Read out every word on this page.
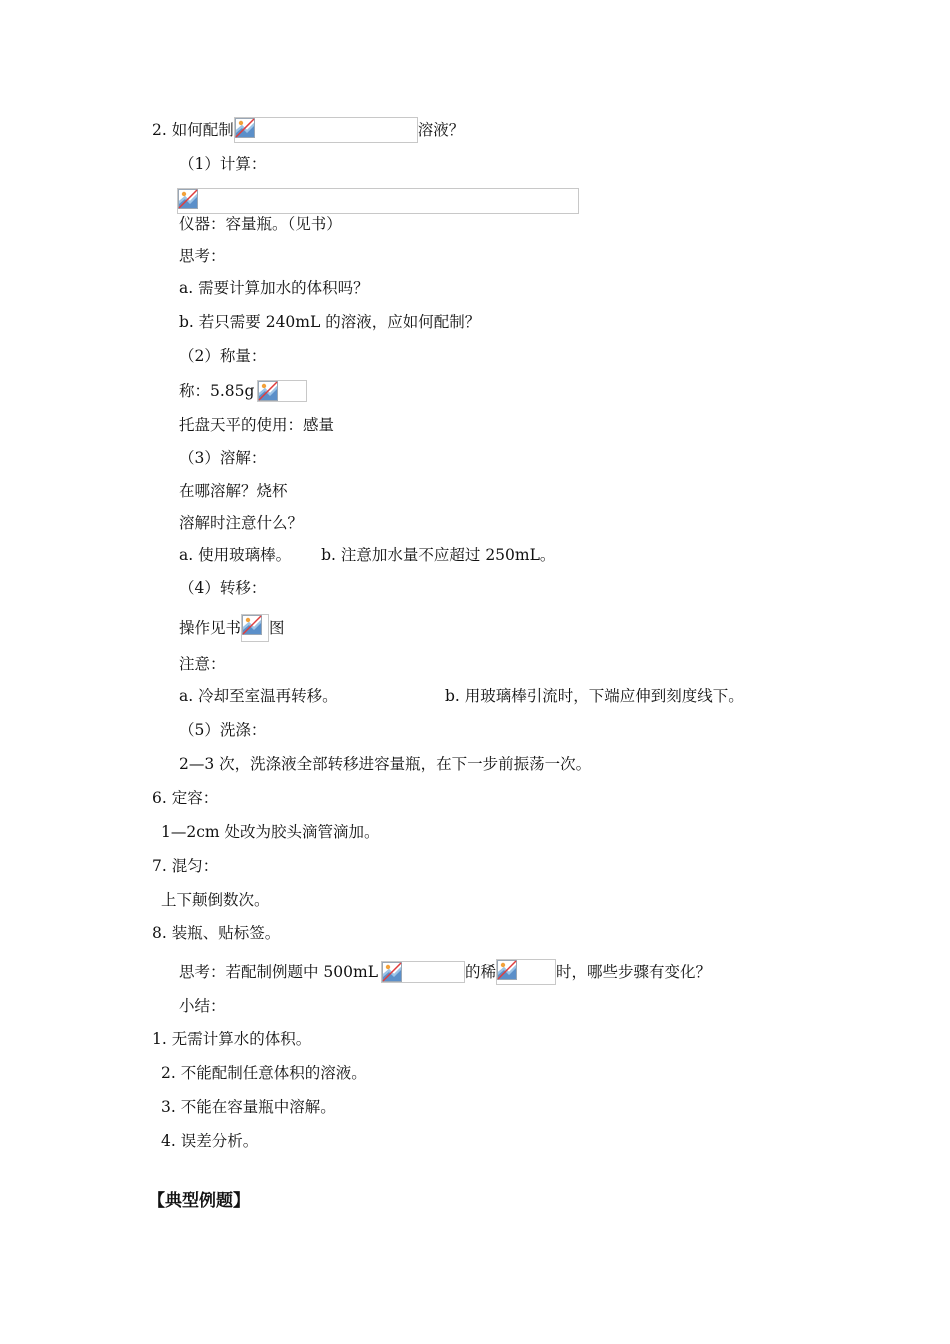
2. 如何配制	溶液？
（1）计算：
仪器：容量瓶。（见书）
思考：
a. 需要计算加水的体积吗？
b. 若只需要 240mL 的溶液，应如何配制？
（2）称量：
称：5.85g
托盘天平的使用：感量
（3）溶解：
在哪溶解？烧杯
溶解时注意什么？
a. 使用玻璃棒。 b. 注意加水量不应超过 250mL。
（4）转移：
操作见书 图
注意：
a. 冷却至室温再转移。	b. 用玻璃棒引流时，下端应伸到刻度线下。
（5）洗涤：
2—3 次，洗涤液全部转移进容量瓶，在下一步前振荡一次。
6. 定容：
1—2cm 处改为胶头滴管滴加。
7. 混匀：
上下颠倒数次。
8. 装瓶、贴标签。
思考：若配制例题中 500mL	的稀	时，哪些步骤有变化？
小结：
1. 无需计算水的体积。
2. 不能配制任意体积的溶液。
3. 不能在容量瓶中溶解。
4. 误差分析。
【典型例题】
